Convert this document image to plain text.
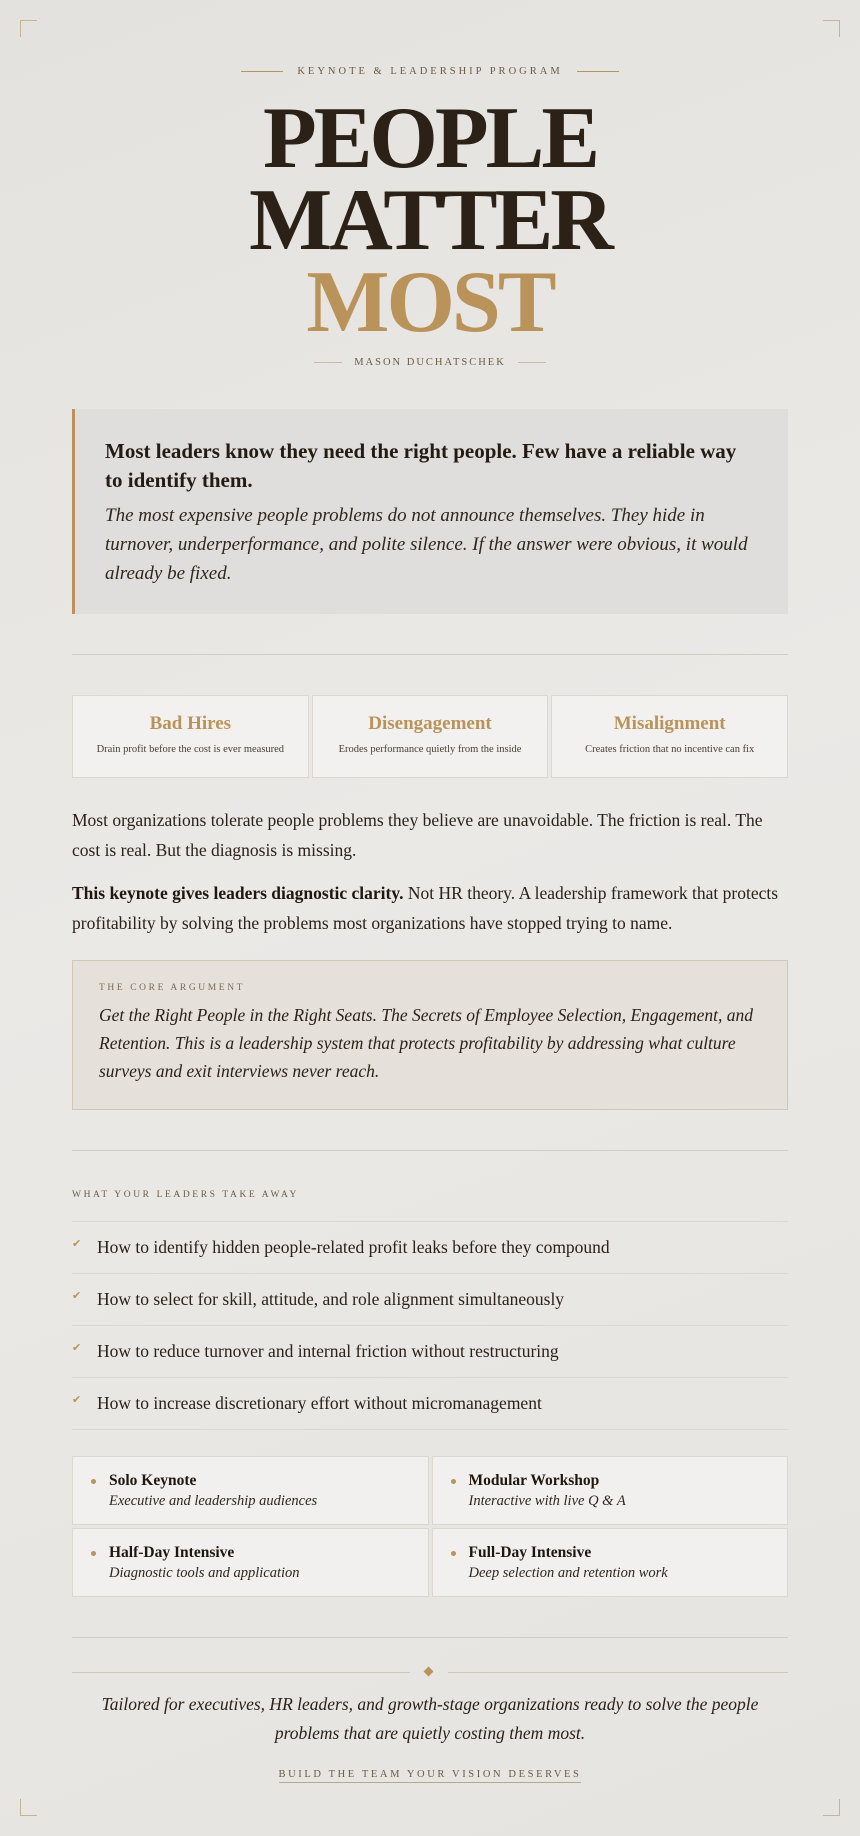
KEYNOTE & LEADERSHIP PROGRAM
PEOPLE
MATTER
MOST
MASON DUCHATSCHEK
Most leaders know they need the right people. Few have a reliable way to identify them.
The most expensive people problems do not announce themselves. They hide in turnover, underperformance, and polite silence. If the answer were obvious, it would already be fixed.
Bad Hires
Drain profit before the cost is ever measured
Disengagement
Erodes performance quietly from the inside
Misalignment
Creates friction that no incentive can fix
Most organizations tolerate people problems they believe are unavoidable. The friction is real. The cost is real. But the diagnosis is missing.
This keynote gives leaders diagnostic clarity. Not HR theory. A leadership framework that protects profitability by solving the problems most organizations have stopped trying to name.
THE CORE ARGUMENT
Get the Right People in the Right Seats. The Secrets of Employee Selection, Engagement, and Retention. This is a leadership system that protects profitability by addressing what culture surveys and exit interviews never reach.
WHAT YOUR LEADERS TAKE AWAY
✔ How to identify hidden people-related profit leaks before they compound
✔ How to select for skill, attitude, and role alignment simultaneously
✔ How to reduce turnover and internal friction without restructuring
✔ How to increase discretionary effort without micromanagement
Solo Keynote
Executive and leadership audiences
Modular Workshop
Interactive with live Q & A
Half-Day Intensive
Diagnostic tools and application
Full-Day Intensive
Deep selection and retention work
Tailored for executives, HR leaders, and growth-stage organizations ready to solve the people problems that are quietly costing them most.
BUILD THE TEAM YOUR VISION DESERVES
